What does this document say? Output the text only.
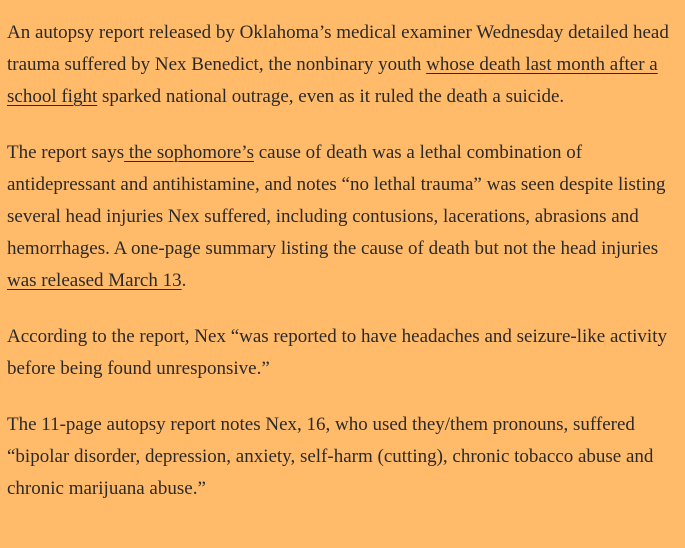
An autopsy report released by Oklahoma’s medical examiner Wednesday detailed head trauma suffered by Nex Benedict, the nonbinary youth whose death last month after a school fight sparked national outrage, even as it ruled the death a suicide.

The report says the sophomore’s cause of death was a lethal combination of antidepressant and antihistamine, and notes “no lethal trauma” was seen despite listing several head injuries Nex suffered, including contusions, lacerations, abrasions and hemorrhages. A one-page summary listing the cause of death but not the head injuries was released March 13.

According to the report, Nex “was reported to have headaches and seizure-like activity before being found unresponsive.”

The 11-page autopsy report notes Nex, 16, who used they/them pronouns, suffered “bipolar disorder, depression, anxiety, self-harm (cutting), chronic tobacco abuse and chronic marijuana abuse.”
